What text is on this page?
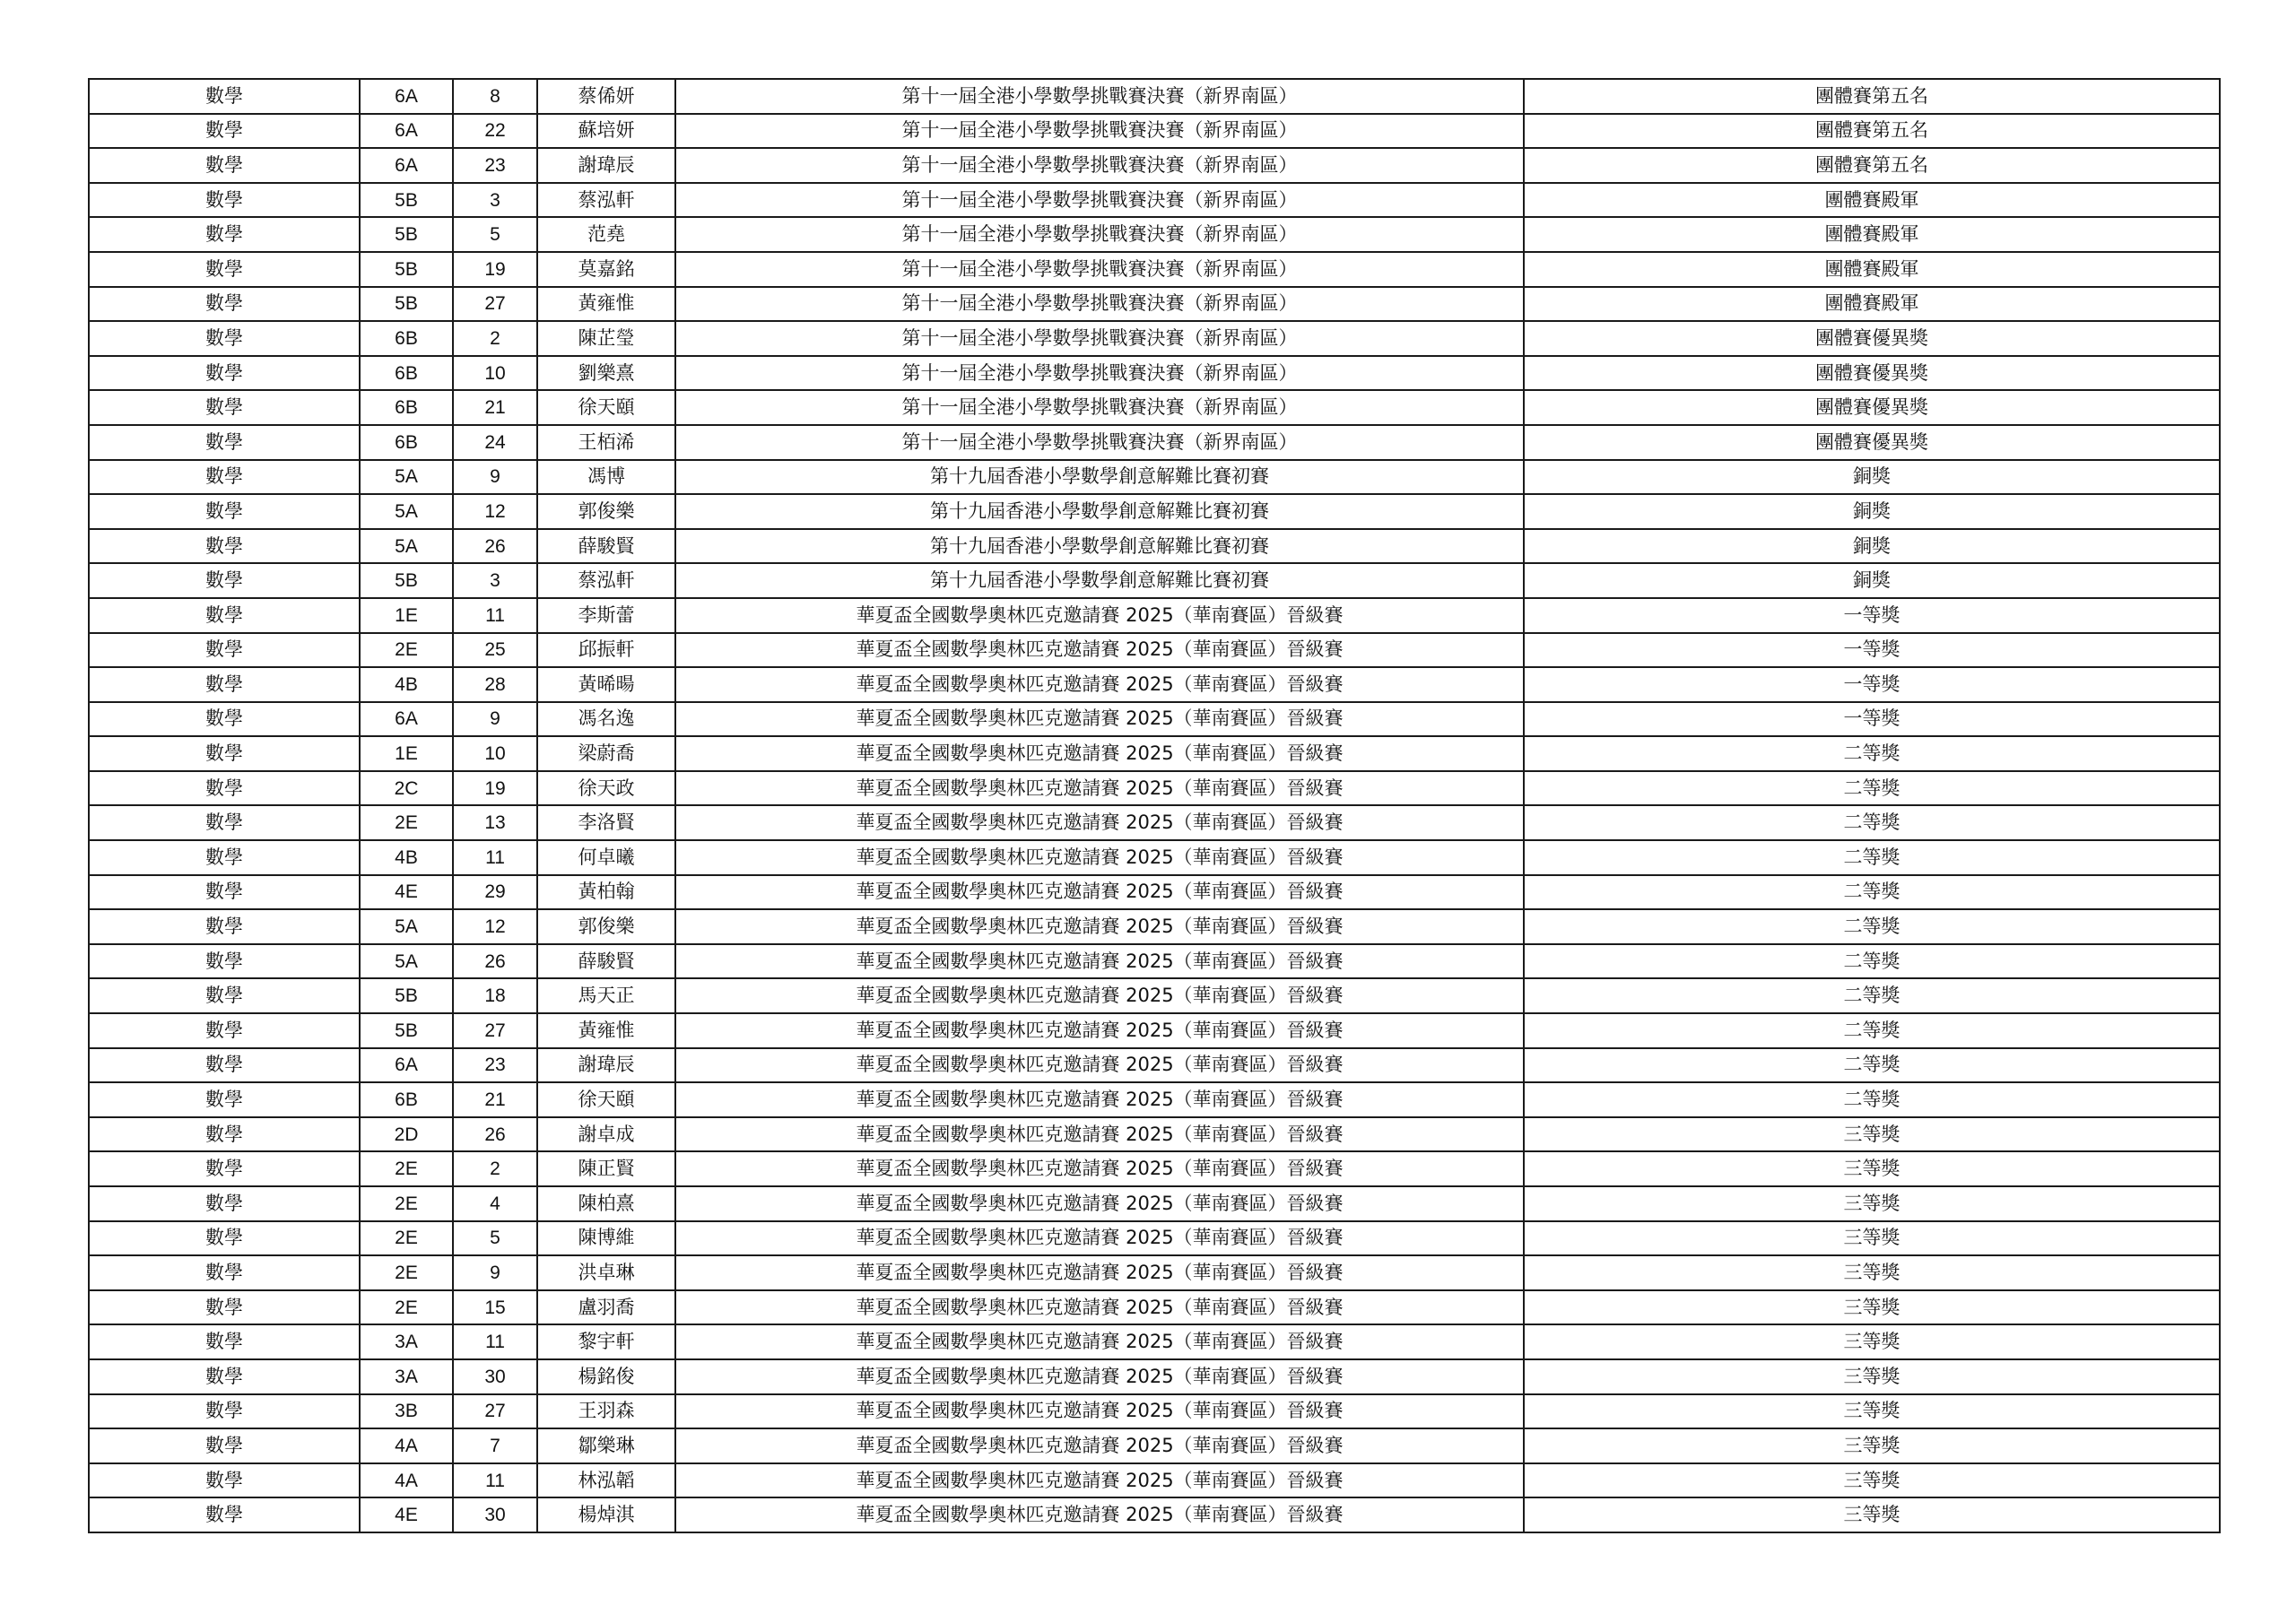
數學	6A	8	蔡俙妍	第十一屆全港小學數學挑戰賽決賽（新界南區）	團體賽第五名
數學	6A	22	蘇培妍	第十一屆全港小學數學挑戰賽決賽（新界南區）	團體賽第五名
數學	6A	23	謝瑋辰	第十一屆全港小學數學挑戰賽決賽（新界南區）	團體賽第五名
數學	5B	3	蔡泓軒	第十一屆全港小學數學挑戰賽決賽（新界南區）	團體賽殿軍
數學	5B	5	范堯	第十一屆全港小學數學挑戰賽決賽（新界南區）	團體賽殿軍
數學	5B	19	莫嘉銘	第十一屆全港小學數學挑戰賽決賽（新界南區）	團體賽殿軍
數學	5B	27	黃雍惟	第十一屆全港小學數學挑戰賽決賽（新界南區）	團體賽殿軍
數學	6B	2	陳芷瑩	第十一屆全港小學數學挑戰賽決賽（新界南區）	團體賽優異獎
數學	6B	10	劉樂熹	第十一屆全港小學數學挑戰賽決賽（新界南區）	團體賽優異獎
數學	6B	21	徐天頤	第十一屆全港小學數學挑戰賽決賽（新界南區）	團體賽優異獎
數學	6B	24	王栢浠	第十一屆全港小學數學挑戰賽決賽（新界南區）	團體賽優異獎
數學	5A	9	馮博	第十九屆香港小學數學創意解難比賽初賽	銅獎
數學	5A	12	郭俊樂	第十九屆香港小學數學創意解難比賽初賽	銅獎
數學	5A	26	薛駿賢	第十九屆香港小學數學創意解難比賽初賽	銅獎
數學	5B	3	蔡泓軒	第十九屆香港小學數學創意解難比賽初賽	銅獎
數學	1E	11	李斯蕾	華夏盃全國數學奧林匹克邀請賽 2025（華南賽區）晉級賽	一等獎
數學	2E	25	邱振軒	華夏盃全國數學奧林匹克邀請賽 2025（華南賽區）晉級賽	一等獎
數學	4B	28	黃晞暘	華夏盃全國數學奧林匹克邀請賽 2025（華南賽區）晉級賽	一等獎
數學	6A	9	馮名逸	華夏盃全國數學奧林匹克邀請賽 2025（華南賽區）晉級賽	一等獎
數學	1E	10	梁蔚喬	華夏盃全國數學奧林匹克邀請賽 2025（華南賽區）晉級賽	二等獎
數學	2C	19	徐天政	華夏盃全國數學奧林匹克邀請賽 2025（華南賽區）晉級賽	二等獎
數學	2E	13	李洛賢	華夏盃全國數學奧林匹克邀請賽 2025（華南賽區）晉級賽	二等獎
數學	4B	11	何卓曦	華夏盃全國數學奧林匹克邀請賽 2025（華南賽區）晉級賽	二等獎
數學	4E	29	黃柏翰	華夏盃全國數學奧林匹克邀請賽 2025（華南賽區）晉級賽	二等獎
數學	5A	12	郭俊樂	華夏盃全國數學奧林匹克邀請賽 2025（華南賽區）晉級賽	二等獎
數學	5A	26	薛駿賢	華夏盃全國數學奧林匹克邀請賽 2025（華南賽區）晉級賽	二等獎
數學	5B	18	馬天正	華夏盃全國數學奧林匹克邀請賽 2025（華南賽區）晉級賽	二等獎
數學	5B	27	黃雍惟	華夏盃全國數學奧林匹克邀請賽 2025（華南賽區）晉級賽	二等獎
數學	6A	23	謝瑋辰	華夏盃全國數學奧林匹克邀請賽 2025（華南賽區）晉級賽	二等獎
數學	6B	21	徐天頤	華夏盃全國數學奧林匹克邀請賽 2025（華南賽區）晉級賽	二等獎
數學	2D	26	謝卓成	華夏盃全國數學奧林匹克邀請賽 2025（華南賽區）晉級賽	三等獎
數學	2E	2	陳正賢	華夏盃全國數學奧林匹克邀請賽 2025（華南賽區）晉級賽	三等獎
數學	2E	4	陳柏熹	華夏盃全國數學奧林匹克邀請賽 2025（華南賽區）晉級賽	三等獎
數學	2E	5	陳博維	華夏盃全國數學奧林匹克邀請賽 2025（華南賽區）晉級賽	三等獎
數學	2E	9	洪卓琳	華夏盃全國數學奧林匹克邀請賽 2025（華南賽區）晉級賽	三等獎
數學	2E	15	盧羽喬	華夏盃全國數學奧林匹克邀請賽 2025（華南賽區）晉級賽	三等獎
數學	3A	11	黎宇軒	華夏盃全國數學奧林匹克邀請賽 2025（華南賽區）晉級賽	三等獎
數學	3A	30	楊銘俊	華夏盃全國數學奧林匹克邀請賽 2025（華南賽區）晉級賽	三等獎
數學	3B	27	王羽森	華夏盃全國數學奧林匹克邀請賽 2025（華南賽區）晉級賽	三等獎
數學	4A	7	鄒樂琳	華夏盃全國數學奧林匹克邀請賽 2025（華南賽區）晉級賽	三等獎
數學	4A	11	林泓韜	華夏盃全國數學奧林匹克邀請賽 2025（華南賽區）晉級賽	三等獎
數學	4E	30	楊焯淇	華夏盃全國數學奧林匹克邀請賽 2025（華南賽區）晉級賽	三等獎
